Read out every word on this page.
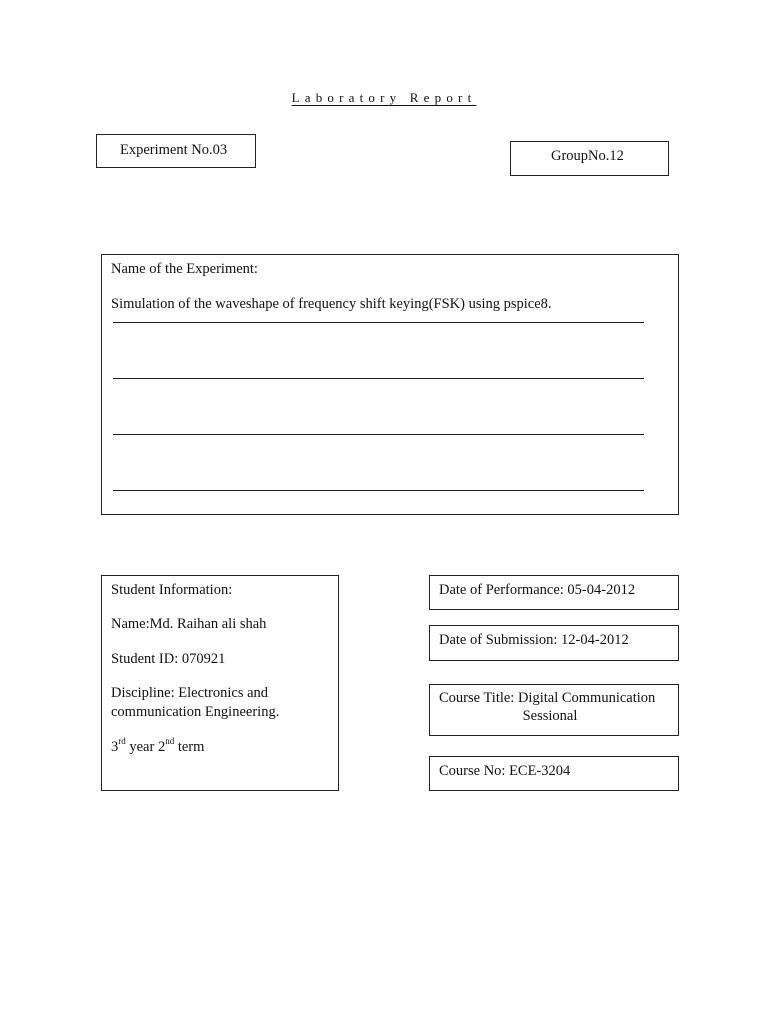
Laboratory Report
Experiment No.03	GroupNo.12
Name of the Experiment:
Simulation of the waveshape of frequency shift keying(FSK) using pspice8.
Student Information:
Name:Md. Raihan ali shah
Student ID: 070921
Discipline: Electronics and
communication Engineering.
3rd year 2nd term
Date of Performance: 05-04-2012
Date of Submission: 12-04-2012
Course Title: Digital Communication
Sessional
Course No: ECE-3204
